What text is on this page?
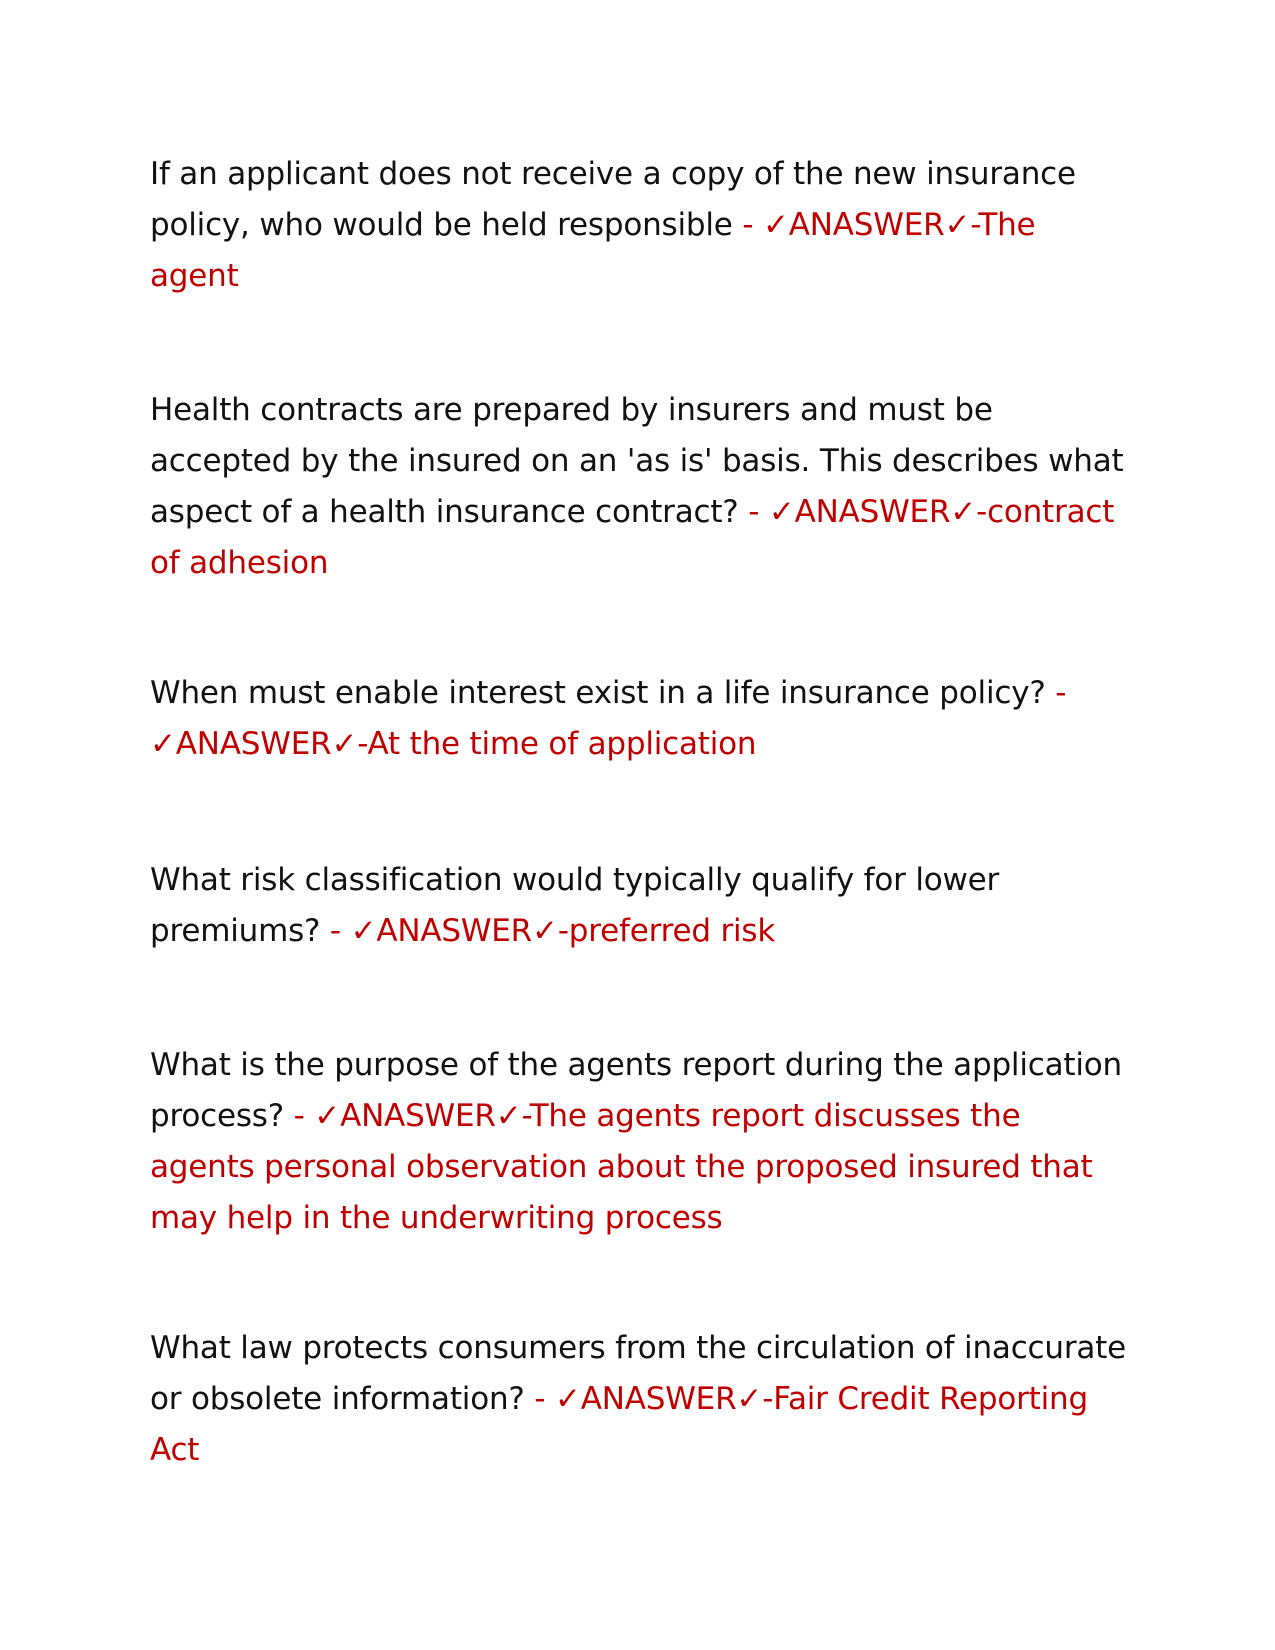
If an applicant does not receive a copy of the new insurance policy, who would be held responsible - ✓ANASWER✓-The agent

Health contracts are prepared by insurers and must be accepted by the insured on an 'as is' basis. This describes what aspect of a health insurance contract? - ✓ANASWER✓-contract of adhesion

When must enable interest exist in a life insurance policy? - ✓ANASWER✓-At the time of application

What risk classification would typically qualify for lower premiums? - ✓ANASWER✓-preferred risk

What is the purpose of the agents report during the application process? - ✓ANASWER✓-The agents report discusses the agents personal observation about the proposed insured that may help in the underwriting process

What law protects consumers from the circulation of inaccurate or obsolete information? - ✓ANASWER✓-Fair Credit Reporting Act
